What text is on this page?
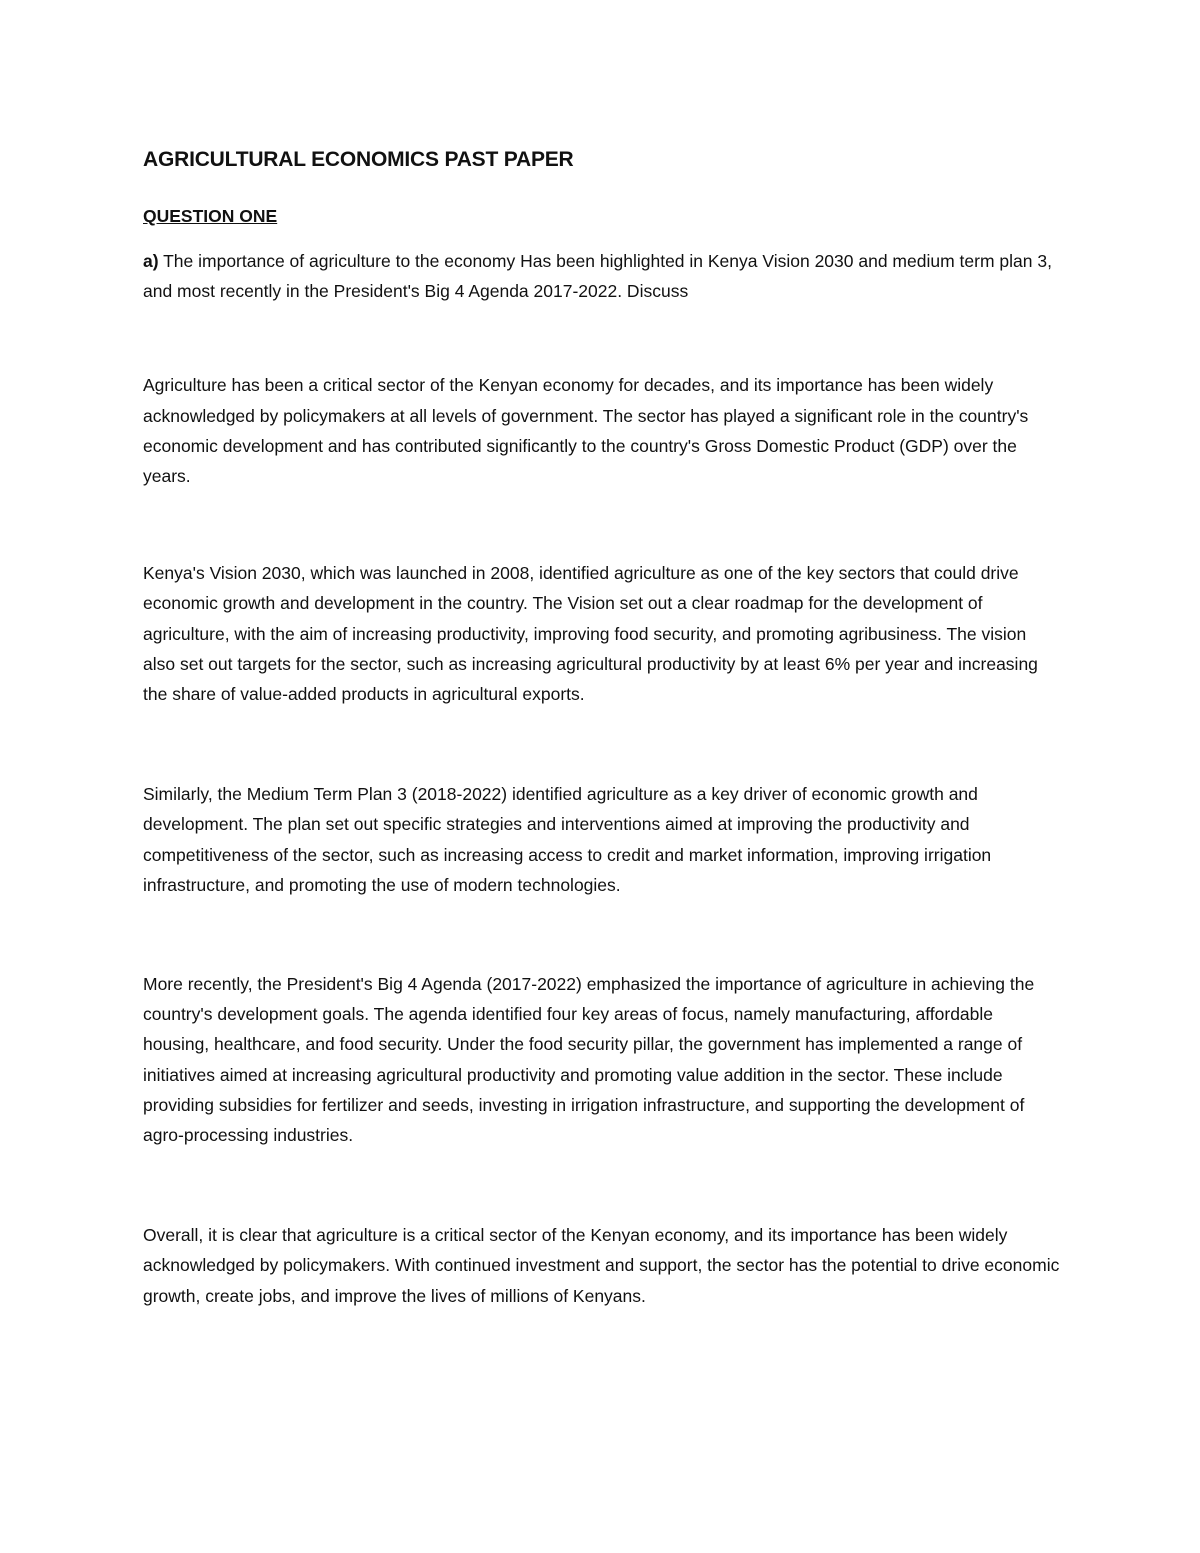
AGRICULTURAL ECONOMICS PAST PAPER
QUESTION ONE

a) The importance of agriculture to the economy Has been highlighted in Kenya Vision 2030 and medium term plan 3, and most recently in the President's Big 4 Agenda 2017-2022. Discuss

Agriculture has been a critical sector of the Kenyan economy for decades, and its importance has been widely acknowledged by policymakers at all levels of government. The sector has played a significant role in the country's economic development and has contributed significantly to the country's Gross Domestic Product (GDP) over the years.

Kenya's Vision 2030, which was launched in 2008, identified agriculture as one of the key sectors that could drive economic growth and development in the country. The Vision set out a clear roadmap for the development of agriculture, with the aim of increasing productivity, improving food security, and promoting agribusiness. The vision also set out targets for the sector, such as increasing agricultural productivity by at least 6% per year and increasing the share of value-added products in agricultural exports.

Similarly, the Medium Term Plan 3 (2018-2022) identified agriculture as a key driver of economic growth and development. The plan set out specific strategies and interventions aimed at improving the productivity and competitiveness of the sector, such as increasing access to credit and market information, improving irrigation infrastructure, and promoting the use of modern technologies.

More recently, the President's Big 4 Agenda (2017-2022) emphasized the importance of agriculture in achieving the country's development goals. The agenda identified four key areas of focus, namely manufacturing, affordable housing, healthcare, and food security. Under the food security pillar, the government has implemented a range of initiatives aimed at increasing agricultural productivity and promoting value addition in the sector. These include providing subsidies for fertilizer and seeds, investing in irrigation infrastructure, and supporting the development of agro-processing industries.

Overall, it is clear that agriculture is a critical sector of the Kenyan economy, and its importance has been widely acknowledged by policymakers. With continued investment and support, the sector has the potential to drive economic growth, create jobs, and improve the lives of millions of Kenyans.
